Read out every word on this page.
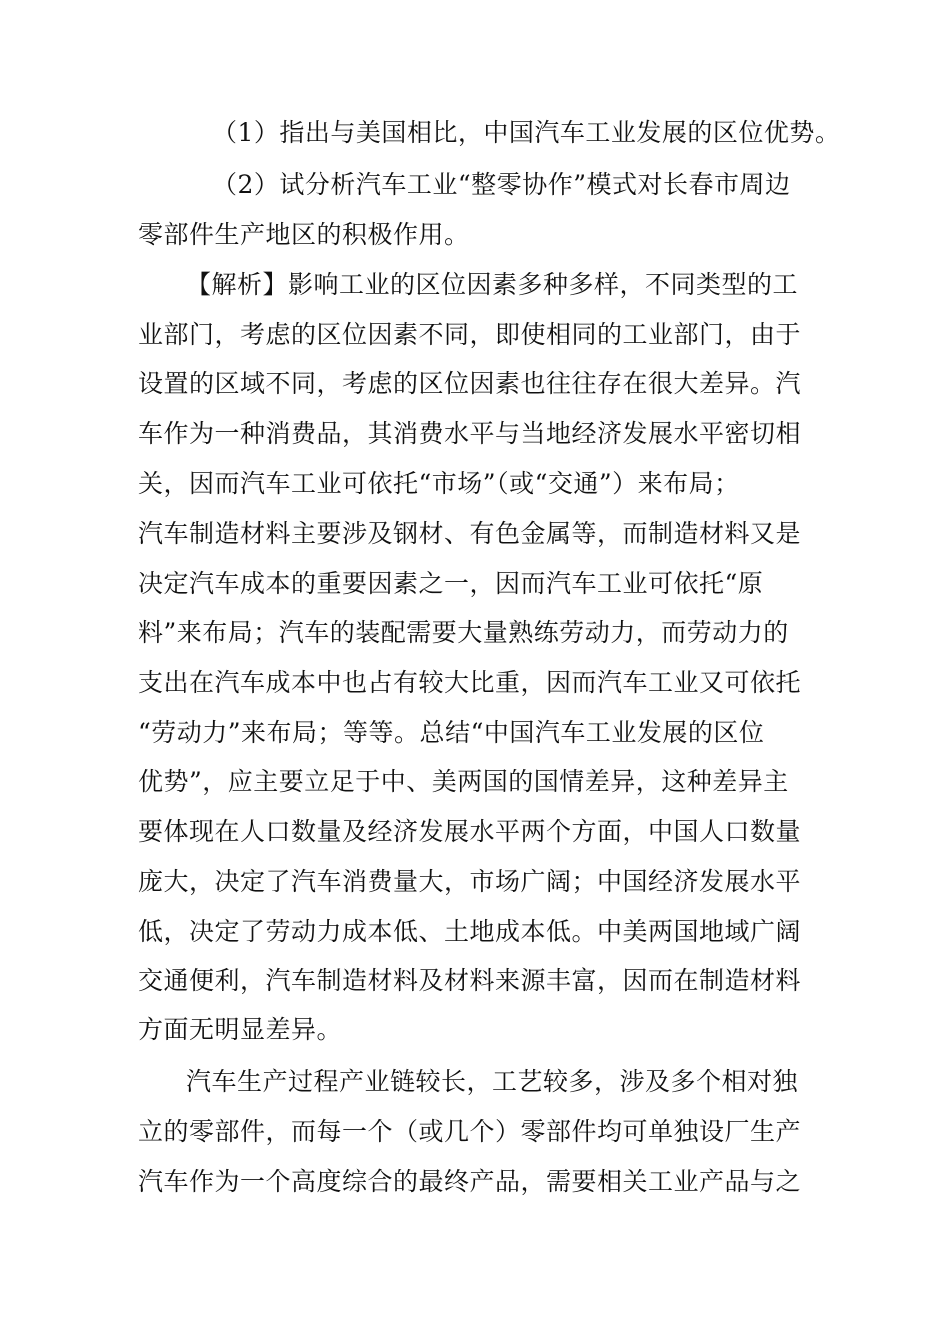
（1）指出与美国相比，中国汽车工业发展的区位优势。
（2）试分析汽车工业“整零协作”模式对长春市周边
零部件生产地区的积极作用。
【解析】影响工业的区位因素多种多样，不同类型的工
业部门，考虑的区位因素不同，即使相同的工业部门，由于
设置的区域不同，考虑的区位因素也往往存在很大差异。汽
车作为一种消费品，其消费水平与当地经济发展水平密切相
关，因而汽车工业可依托“市场”（或“交通”）来布局；
汽车制造材料主要涉及钢材、有色金属等，而制造材料又是
决定汽车成本的重要因素之一，因而汽车工业可依托“原
料”来布局；汽车的装配需要大量熟练劳动力，而劳动力的
支出在汽车成本中也占有较大比重，因而汽车工业又可依托
“劳动力”来布局；等等。总结“中国汽车工业发展的区位
优势”，应主要立足于中、美两国的国情差异，这种差异主
要体现在人口数量及经济发展水平两个方面，中国人口数量
庞大，决定了汽车消费量大，市场广阔；中国经济发展水平
低，决定了劳动力成本低、土地成本低。中美两国地域广阔
交通便利，汽车制造材料及材料来源丰富，因而在制造材料
方面无明显差异。
汽车生产过程产业链较长，工艺较多，涉及多个相对独
立的零部件，而每一个（或几个）零部件均可单独设厂生产
汽车作为一个高度综合的最终产品，需要相关工业产品与之
